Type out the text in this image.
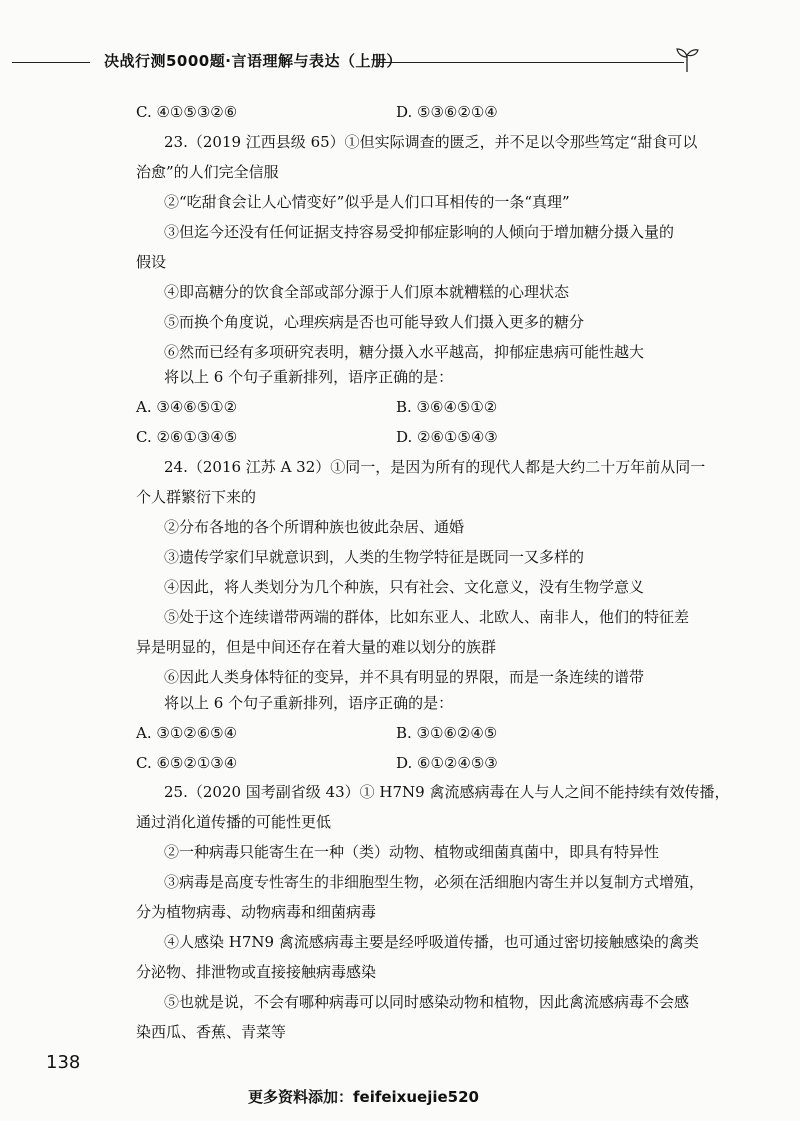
决战行测5000题·言语理解与表达（上册）
C. ④①⑤③②⑥	D. ⑤③⑥②①④
23.（2019 江西县级 65）①但实际调查的匮乏，并不足以令那些笃定“甜食可以
治愈”的人们完全信服
②“吃甜食会让人心情变好”似乎是人们口耳相传的一条“真理”
③但迄今还没有任何证据支持容易受抑郁症影响的人倾向于增加糖分摄入量的
假设
④即高糖分的饮食全部或部分源于人们原本就糟糕的心理状态
⑤而换个角度说，心理疾病是否也可能导致人们摄入更多的糖分
⑥然而已经有多项研究表明，糖分摄入水平越高，抑郁症患病可能性越大
将以上 6 个句子重新排列，语序正确的是：
A. ③④⑥⑤①②	B. ③⑥④⑤①②
C. ②⑥①③④⑤	D. ②⑥①⑤④③
24.（2016 江苏 A 32）①同一，是因为所有的现代人都是大约二十万年前从同一
个人群繁衍下来的
②分布各地的各个所谓种族也彼此杂居、通婚
③遗传学家们早就意识到，人类的生物学特征是既同一又多样的
④因此，将人类划分为几个种族，只有社会、文化意义，没有生物学意义
⑤处于这个连续谱带两端的群体，比如东亚人、北欧人、南非人，他们的特征差
异是明显的，但是中间还存在着大量的难以划分的族群
⑥因此人类身体特征的变异，并不具有明显的界限，而是一条连续的谱带
将以上 6 个句子重新排列，语序正确的是：
A. ③①②⑥⑤④	B. ③①⑥②④⑤
C. ⑥⑤②①③④	D. ⑥①②④⑤③
25.（2020 国考副省级 43）① H7N9 禽流感病毒在人与人之间不能持续有效传播，
通过消化道传播的可能性更低
②一种病毒只能寄生在一种（类）动物、植物或细菌真菌中，即具有特异性
③病毒是高度专性寄生的非细胞型生物，必须在活细胞内寄生并以复制方式增殖，
分为植物病毒、动物病毒和细菌病毒
④人感染 H7N9 禽流感病毒主要是经呼吸道传播，也可通过密切接触感染的禽类
分泌物、排泄物或直接接触病毒感染
⑤也就是说，不会有哪种病毒可以同时感染动物和植物，因此禽流感病毒不会感
染西瓜、香蕉、青菜等
138
更多资料添加：feifeixuejie520
